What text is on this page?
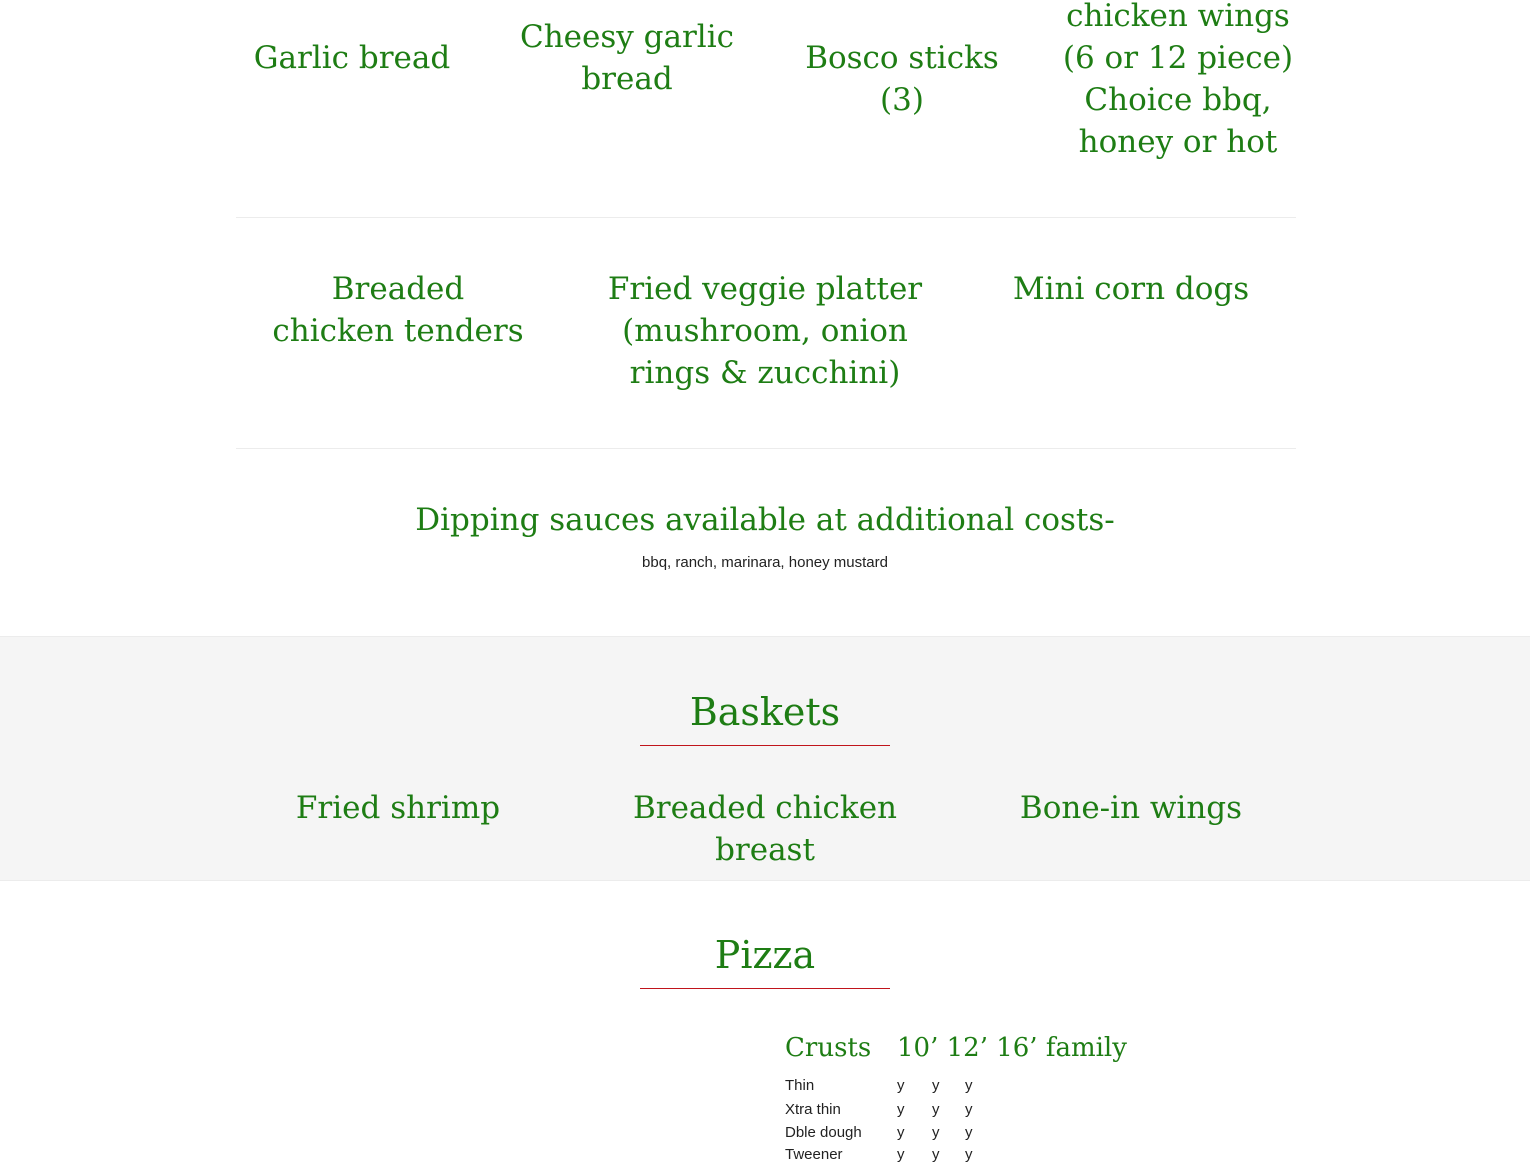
Garlic bread
Cheesy garlic bread
Bosco sticks (3)
chicken wings (6 or 12 piece) Choice bbq, honey or hot
Breaded chicken tenders
Fried veggie platter (mushroom, onion rings & zucchini)
Mini corn dogs
Dipping sauces available at additional costs-
bbq, ranch, marinara, honey mustard
Baskets
Fried shrimp	Breaded chicken breast
Bone-in wings
Pizza
Crusts 10’ 12’ 16’ family
Thin	y y y
Xtra thin	y y y
Dble dough y y y
Tweener	y y y
